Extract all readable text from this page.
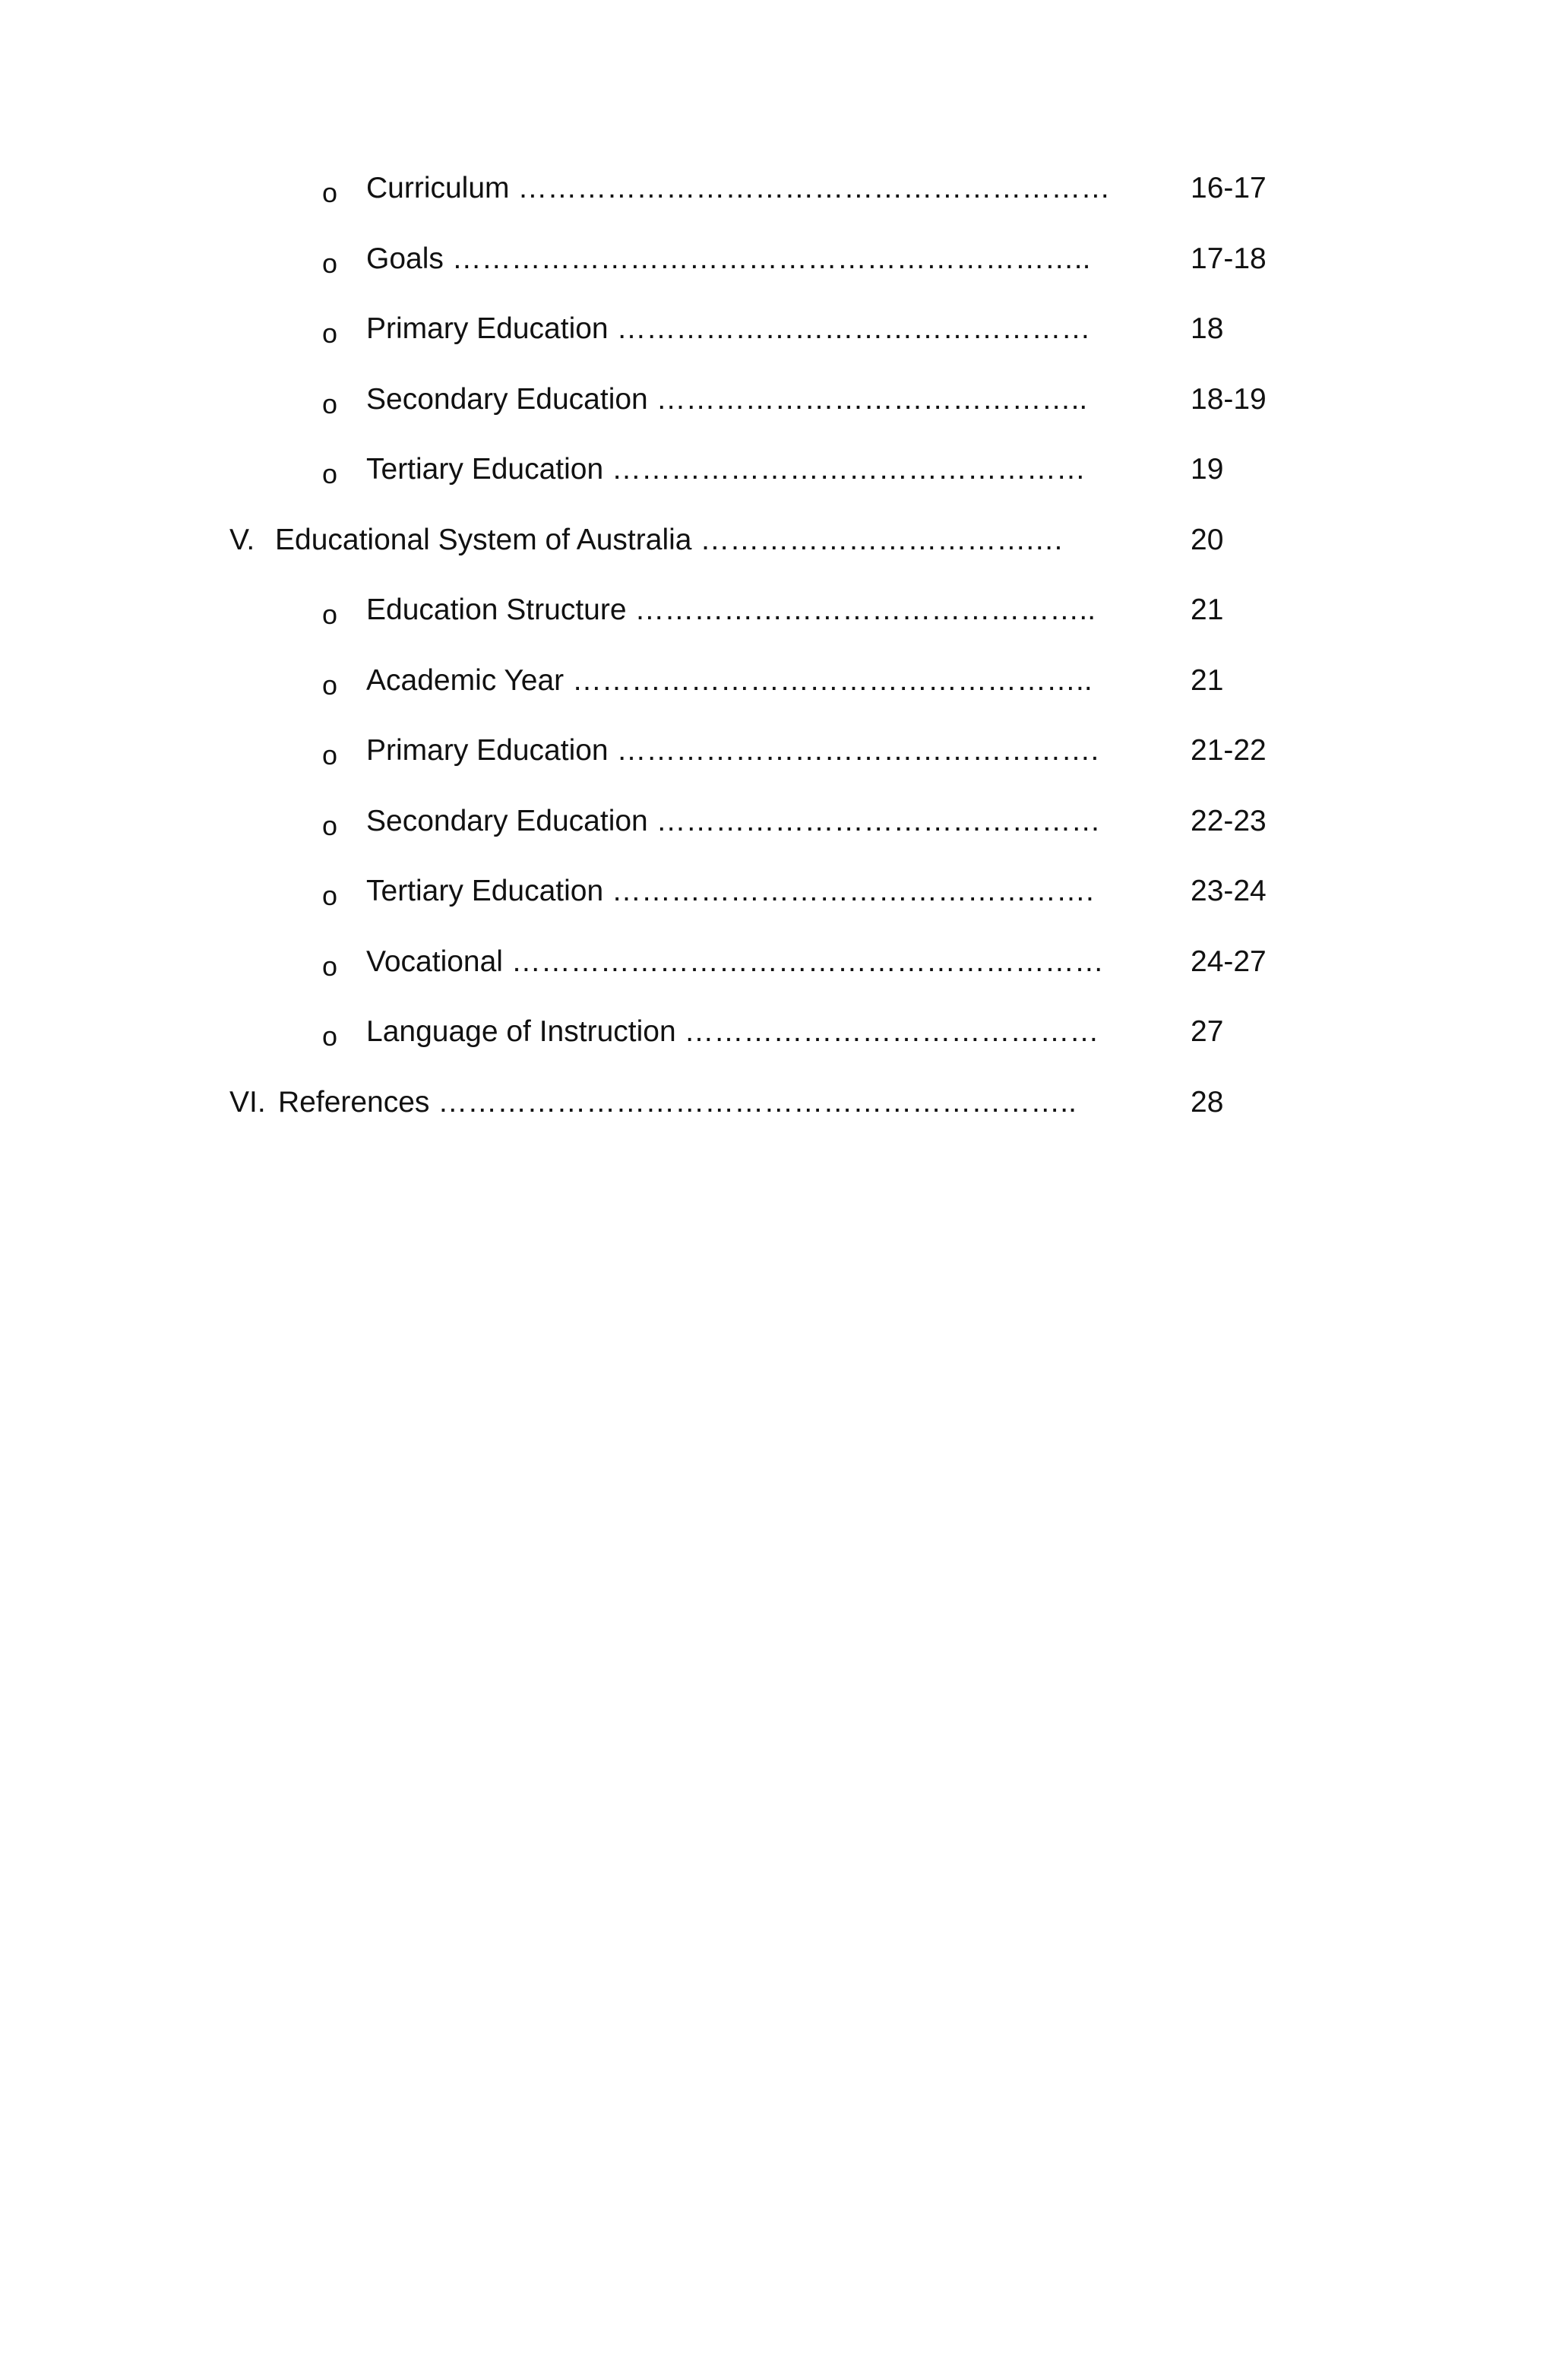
o Curriculum ……………………………………………………	16-17
o Goals ………………………………………………………..	17-18
o Primary Education …………………………………………	18
o Secondary Education ……………………………………..	18-19
o Tertiary Education …………………………………………	19
V. Educational System of Australia …………………………….…	20
o Education Structure ………………………………………..	21
o Academic Year ……………………………………………..	21
o Primary Education ………………………………………….	21-22
o Secondary Education ………………………………………	22-23
o Tertiary Education ………………………………………….	23-24
o Vocational ……………………………………………………	24-27
o Language of Instruction ……………………………………	27
VI. References ………………………………………………………..	28
